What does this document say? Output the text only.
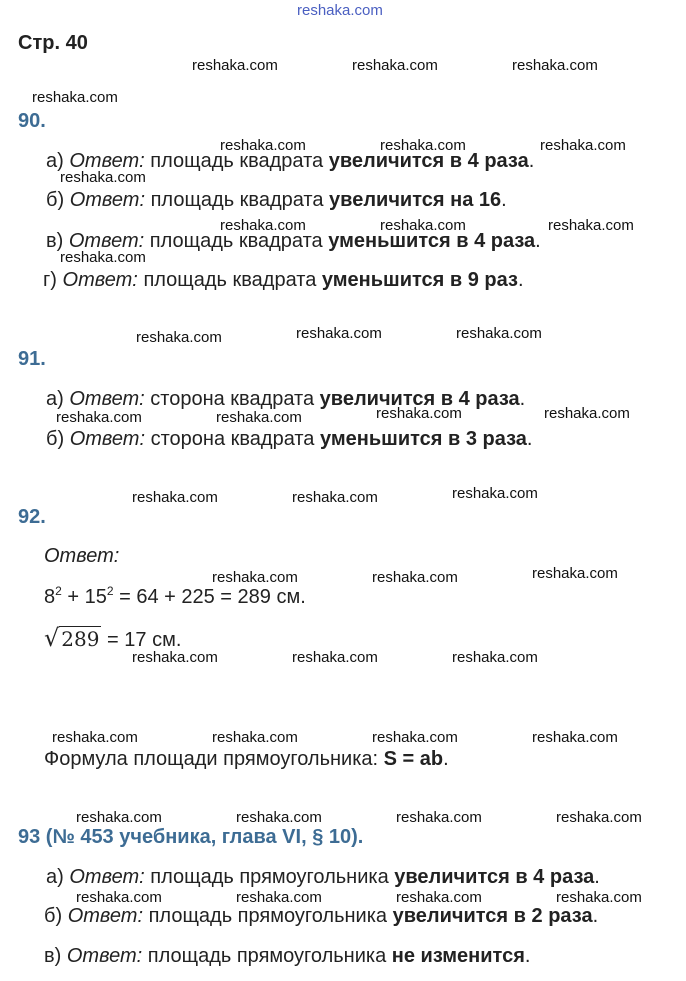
reshaka.com
reshaka.com	reshaka.com	reshaka.com
reshaka.com
reshaka.com	reshaka.com	reshaka.com
reshaka.com
reshaka.com	reshaka.com	reshaka.com
reshaka.com
reshaka.com	reshaka.com	reshaka.com
reshaka.com	reshaka.com	reshaka.com	reshaka.com
reshaka.com	reshaka.com	reshaka.com
reshaka.com	reshaka.com	reshaka.com
reshaka.com	reshaka.com	reshaka.com
reshaka.com	reshaka.com	reshaka.com	reshaka.com
reshaka.com	reshaka.com	reshaka.com	reshaka.com
reshaka.com	reshaka.com	reshaka.com	reshaka.com
Стр. 40
90.
а) Ответ: площадь квадрата увеличится в 4 раза.
б) Ответ: площадь квадрата увеличится на 16.
в) Ответ: площадь квадрата уменьшится в 4 раза.
г) Ответ: площадь квадрата уменьшится в 9 раз.
91.
а) Ответ: сторона квадрата увеличится в 4 раза.
б) Ответ: сторона квадрата уменьшится в 3 раза.
92.
Ответ:
$8^2 + 15^2 = 64 + 225 = 289$ см.
√ 289 = 17 см.
Формула площади прямоугольника: S = ab.
93 (№ 453 учебника, глава VI, § 10).
а) Ответ: площадь прямоугольника увеличится в 4 раза.
б) Ответ: площадь прямоугольника увеличится в 2 раза.
в) Ответ: площадь прямоугольника не изменится.
